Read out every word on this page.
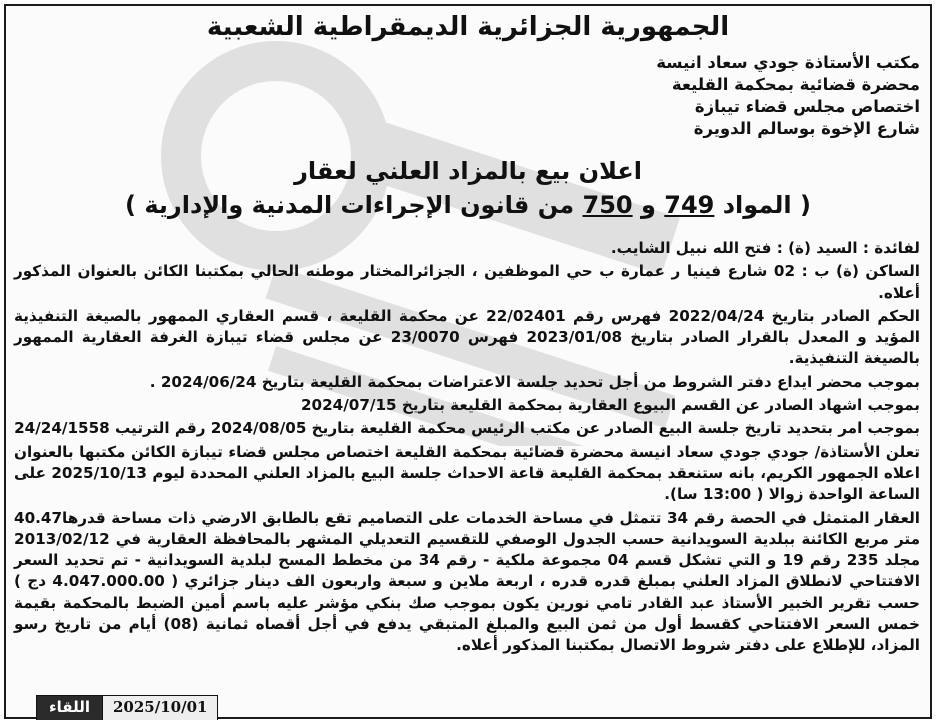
الجمهورية الجزائرية الديمقراطية الشعبية
مكتب الأستاذة جودي سعاد انيسة
محضرة قضائية بمحكمة القليعة
اختصاص مجلس قضاء تيبازة
شارع الإخوة بوسالم الدويرة
اعلان بيع بالمزاد العلني لعقار
( المواد 749 و 750 من قانون الإجراءات المدنية والإدارية )

لفائدة : السيد (ة) : فتح الله نبيل الشايب.

الساكن (ة) ب : 02 شارع فينيا ر عمارة ب حي الموظفين ، الجزائرالمختار موطنه الحالي بمكتبنا الكائن بالعنوان المذكور أعلاه.

الحكم الصادر بتاريخ 2022/04/24 فهرس رقم 22/02401 عن محكمة القليعة ، قسم العقاري الممهور بالصيغة التنفيذية المؤيد و المعدل بالقرار الصادر بتاريخ 2023/01/08 فهرس 23/0070 عن مجلس قضاء تيبازة الغرفة العقارية الممهور بالصيغة التنفيذية.

بموجب محضر ايداع دفتر الشروط من أجل تحديد جلسة الاعتراضات بمحكمة القليعة بتاريخ 2024/06/24 .

بموجب اشهاد الصادر عن القسم البيوع العقارية بمحكمة القليعة بتاريخ 2024/07/15

بموجب امر بتحديد تاريخ جلسة البيع الصادر عن مكتب الرئيس محكمة القليعة بتاريخ 2024/08/05 رقم الترتيب 24/24/1558

تعلن الأستاذة/ جودي جودي سعاد انيسة محضرة قضائية بمحكمة القليعة اختصاص مجلس قضاء تيبازة الكائن مكتبها بالعنوان اعلاه الجمهور الكريم، بانه ستنعقد بمحكمة القليعة قاعة الاحداث جلسة البيع بالمزاد العلني المحددة ليوم 2025/10/13 على الساعة الواحدة زوالا ( 13:00 سا).

العقار المتمثل في الحصة رقم 34 تتمثل في مساحة الخدمات على التصاميم تقع بالطابق الارضي ذات مساحة قدرها40.47 متر مربع الكائنة ببلدية السويدانية حسب الجدول الوصفي للتقسيم التعديلي المشهر بالمحافظة العقارية في 2013/02/12 مجلد 235 رقم 19 و التي تشكل قسم 04 مجموعة ملكية - رقم 34 من مخطط المسح لبلدية السويدانية - تم تحديد السعر الافتتاحي لانطلاق المزاد العلني بمبلغ قدره قدره ، اربعة ملاين و سبعة واربعون الف دينار جزائري ( 4.047.000.00 دج ) حسب تقرير الخبير الأستاذ عبد القادر تامي نورين يكون بموجب صك بنكي مؤشر عليه باسم أمين الضبط بالمحكمة بقيمة خمس السعر الافتتاحي كقسط أول من ثمن البيع والمبلغ المتبقي يدفع في أجل أقصاه ثمانية (08) أيام من تاريخ رسو المزاد، للإطلاع على دفتر شروط الاتصال بمكتبنا المذكور أعلاه.

اللقاء	2025/10/01
